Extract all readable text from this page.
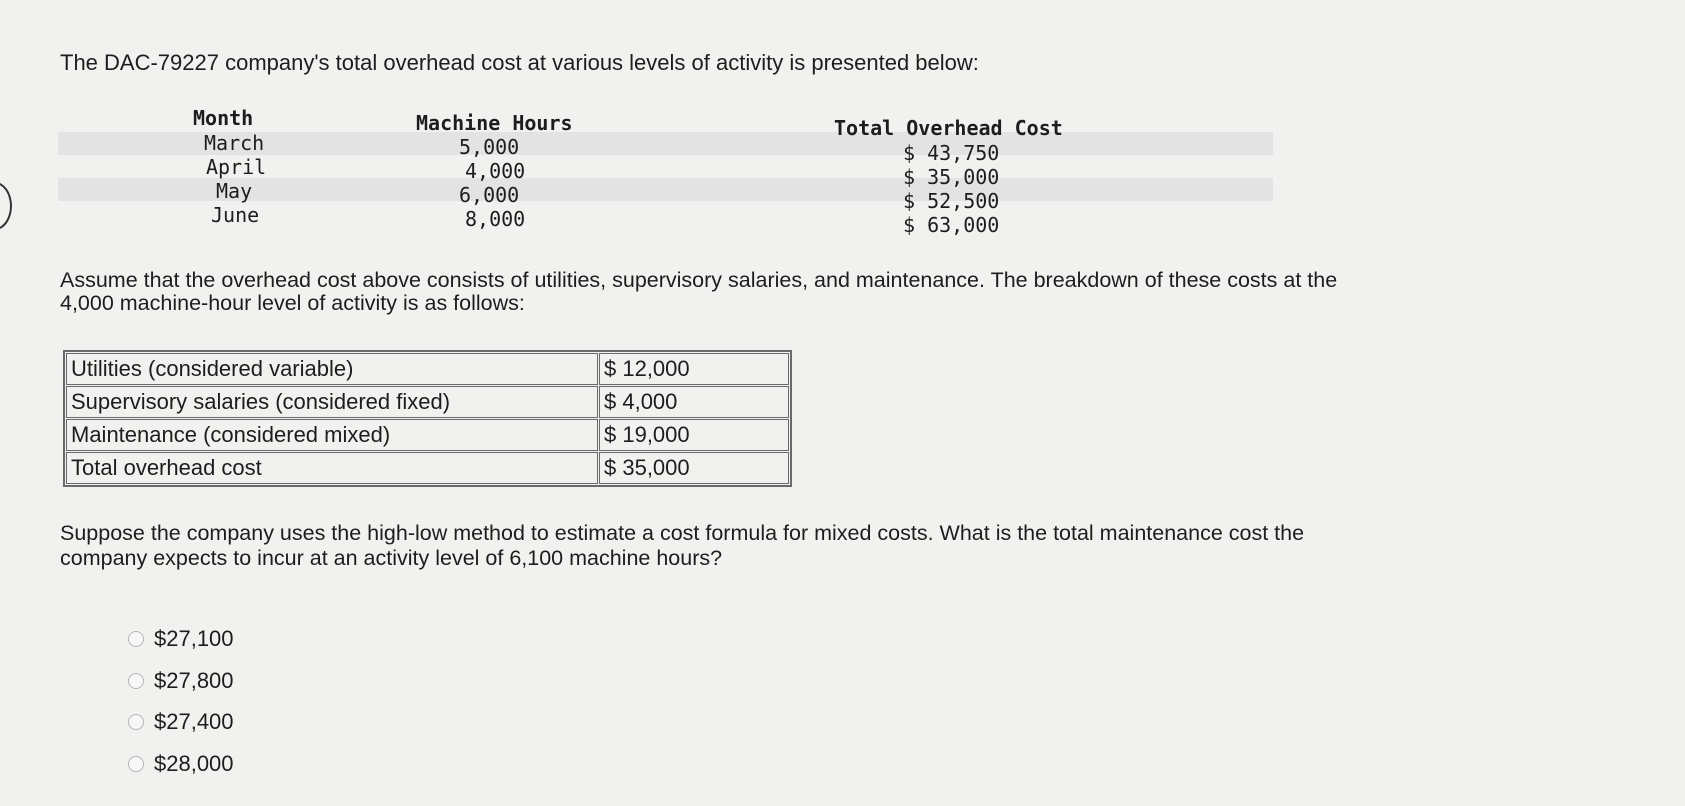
The DAC-79227 company's total overhead cost at various levels of activity is presented below:
Month	Machine Hours	Total Overhead Cost
March	5,000	$ 43,750
April	4,000	$ 35,000
May	6,000	$ 52,500
June	8,000	$ 63,000
Assume that the overhead cost above consists of utilities, supervisory salaries, and maintenance. The breakdown of these costs at the
4,000 machine-hour level of activity is as follows:
Utilities (considered variable)	$ 12,000
Supervisory salaries (considered fixed)	$ 4,000
Maintenance (considered mixed)	$ 19,000
Total overhead cost	$ 35,000
Suppose the company uses the high-low method to estimate a cost formula for mixed costs. What is the total maintenance cost the
company expects to incur at an activity level of 6,100 machine hours?
$27,100
$27,800
$27,400
$28,000
